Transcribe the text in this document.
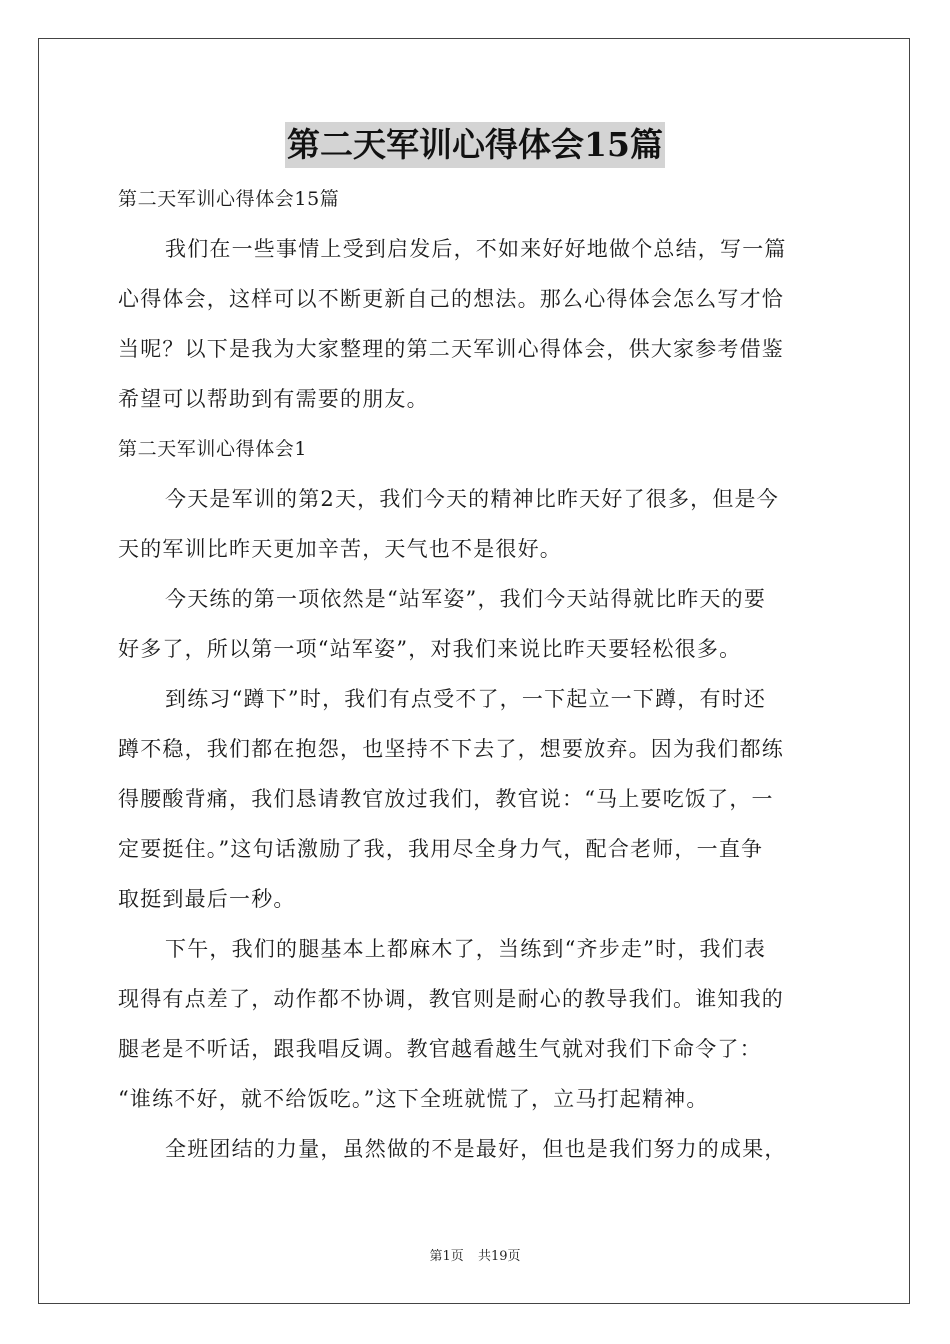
第二天军训心得体会15篇
第二天军训心得体会15篇
我们在一些事情上受到启发后，不如来好好地做个总结，写一篇
心得体会，这样可以不断更新自己的想法。那么心得体会怎么写才恰
当呢？以下是我为大家整理的第二天军训心得体会，供大家参考借鉴
希望可以帮助到有需要的朋友。
第二天军训心得体会1
今天是军训的第2天，我们今天的精神比昨天好了很多，但是今
天的军训比昨天更加辛苦，天气也不是很好。
今天练的第一项依然是“站军姿”，我们今天站得就比昨天的要
好多了，所以第一项“站军姿”，对我们来说比昨天要轻松很多。
到练习“蹲下”时，我们有点受不了，一下起立一下蹲，有时还
蹲不稳，我们都在抱怨，也坚持不下去了，想要放弃。因为我们都练
得腰酸背痛，我们恳请教官放过我们，教官说：“马上要吃饭了，一
定要挺住。”这句话激励了我，我用尽全身力气，配合老师，一直争
取挺到最后一秒。
下午，我们的腿基本上都麻木了，当练到“齐步走”时，我们表
现得有点差了，动作都不协调，教官则是耐心的教导我们。谁知我的
腿老是不听话，跟我唱反调。教官越看越生气就对我们下命令了：
“谁练不好，就不给饭吃。”这下全班就慌了，立马打起精神。
全班团结的力量，虽然做的不是最好，但也是我们努力的成果，
第1页 共19页
